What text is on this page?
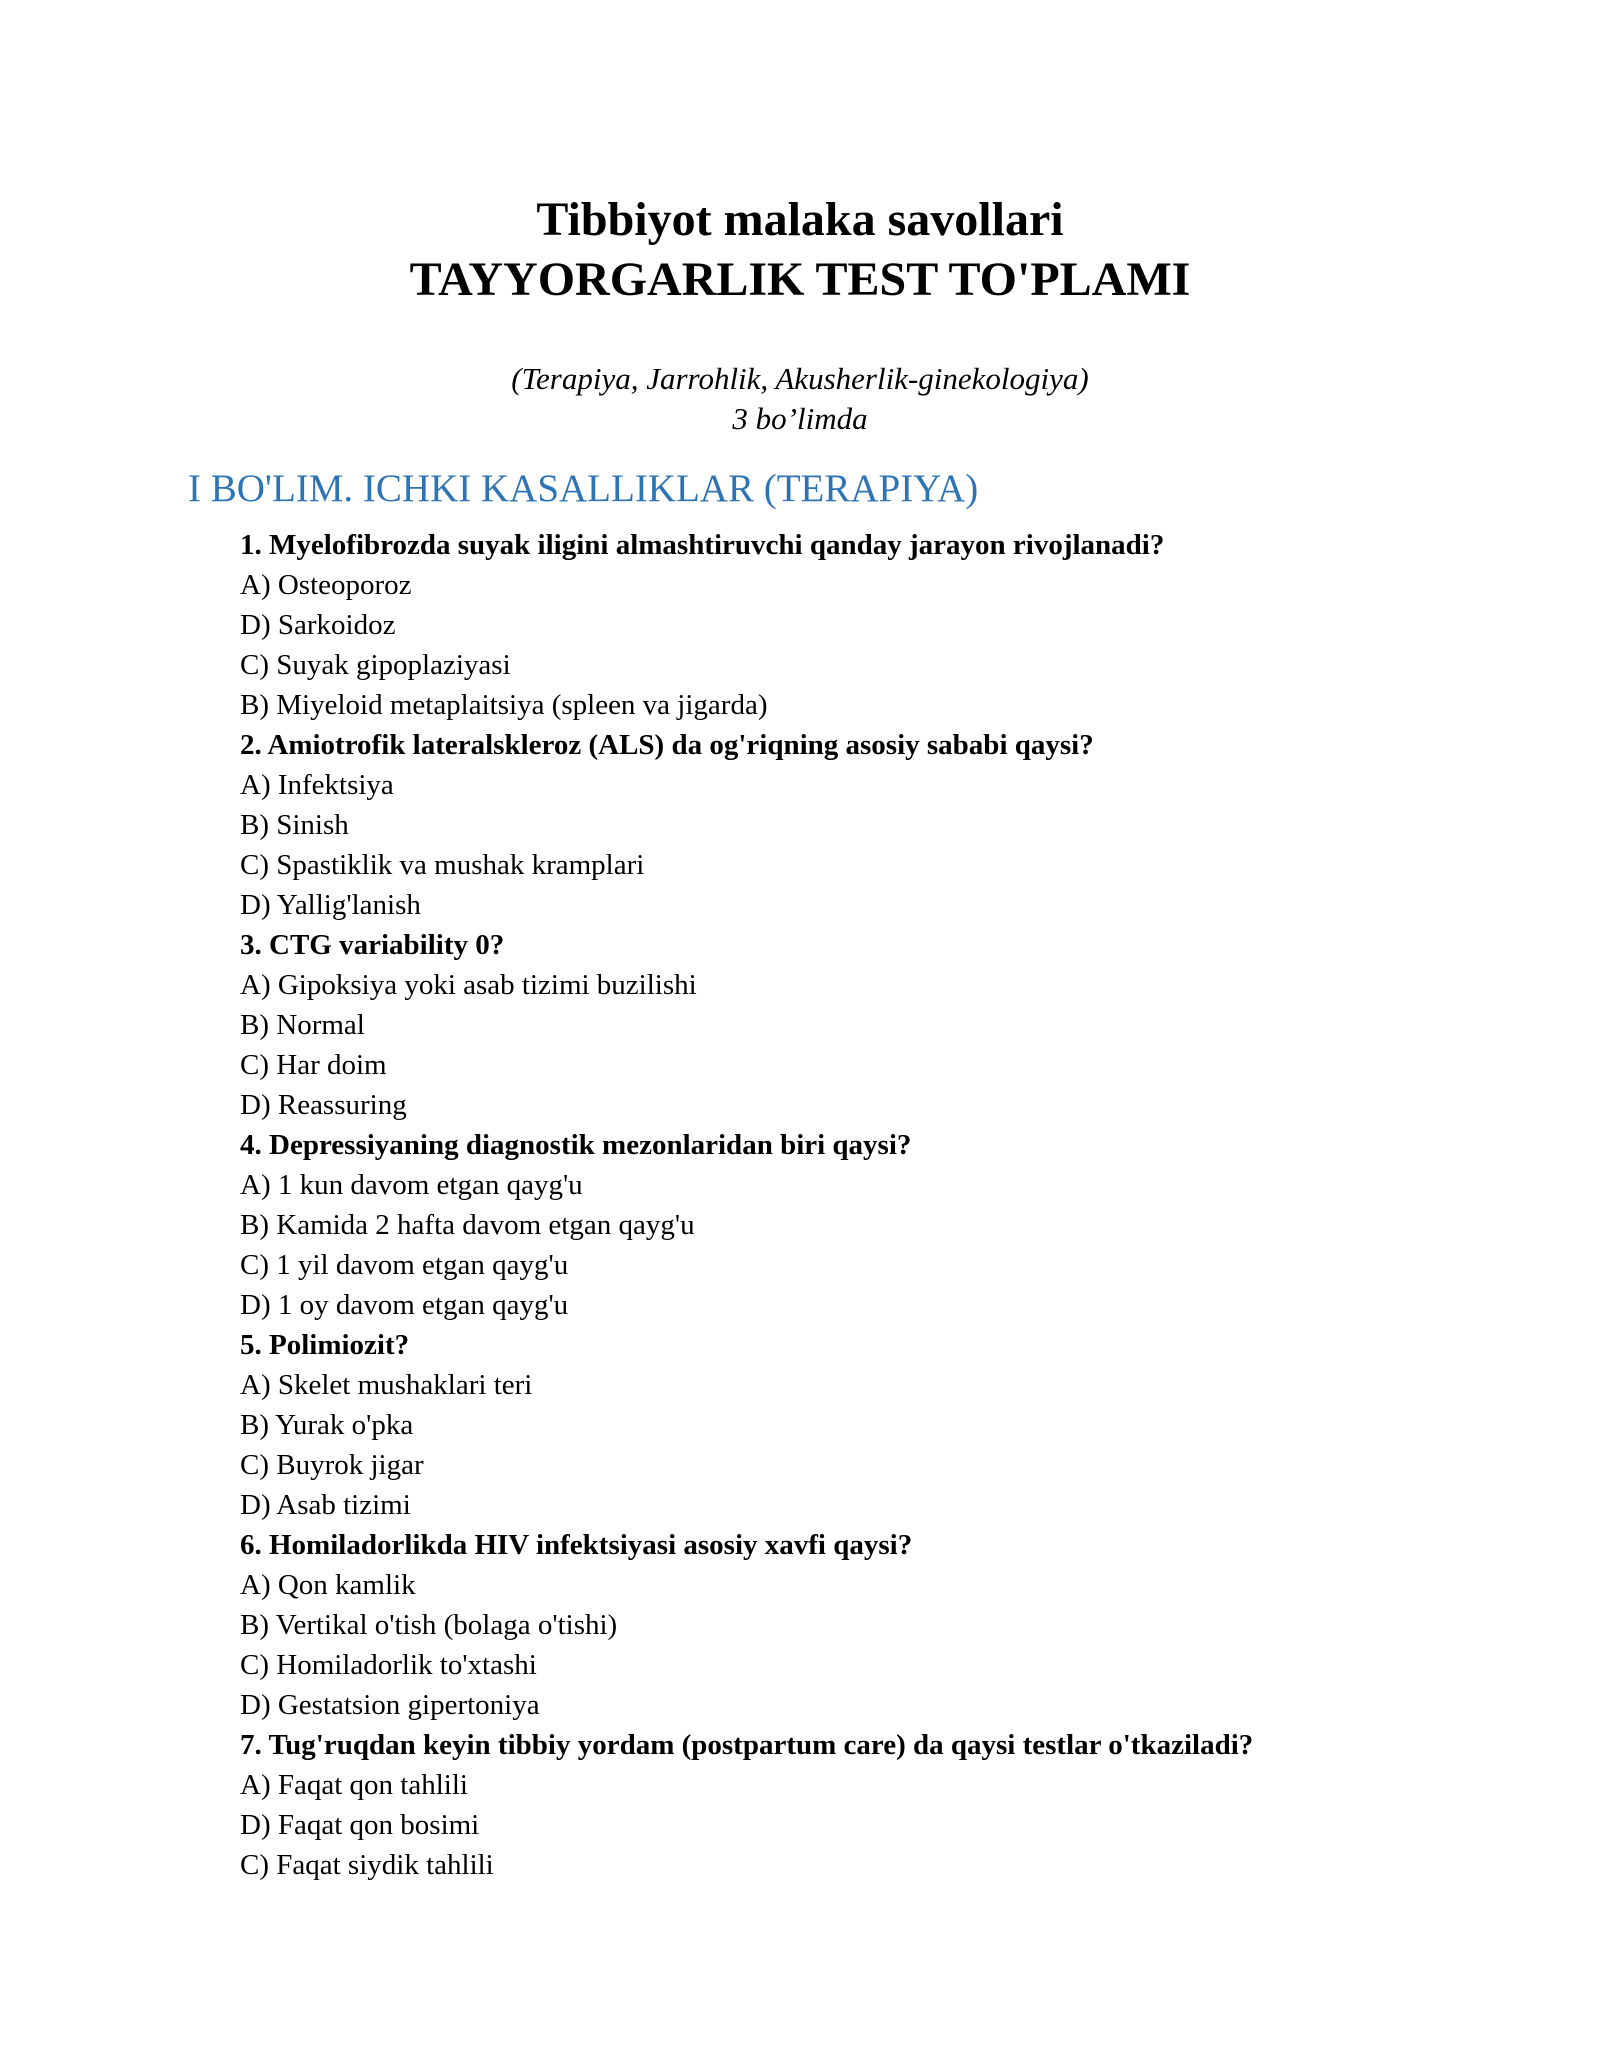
Tibbiyot malaka savollari
TAYYORGARLIK TEST TO'PLAMI
(Terapiya, Jarrohlik, Akusherlik-ginekologiya)
3 bo’limda
I BO'LIM. ICHKI KASALLIKLAR (TERAPIYA)
1. Myelofibrozda suyak iligini almashtiruvchi qanday jarayon rivojlanadi?
A) Osteoporoz
D) Sarkoidoz
C) Suyak gipoplaziyasi
B) Miyeloid metaplaitsiya (spleen va jigarda)
2. Amiotrofik lateralskleroz (ALS) da og'riqning asosiy sababi qaysi?
A) Infektsiya
B) Sinish
C) Spastiklik va mushak kramplari
D) Yallig'lanish
3. CTG variability 0?
A) Gipoksiya yoki asab tizimi buzilishi
B) Normal
C) Har doim
D) Reassuring
4. Depressiyaning diagnostik mezonlaridan biri qaysi?
A) 1 kun davom etgan qayg'u
B) Kamida 2 hafta davom etgan qayg'u
C) 1 yil davom etgan qayg'u
D) 1 oy davom etgan qayg'u
5. Polimiozit?
A) Skelet mushaklari teri
B) Yurak o'pka
C) Buyrok jigar
D) Asab tizimi
6. Homiladorlikda HIV infektsiyasi asosiy xavfi qaysi?
A) Qon kamlik
B) Vertikal o'tish (bolaga o'tishi)
C) Homiladorlik to'xtashi
D) Gestatsion gipertoniya
7. Tug'ruqdan keyin tibbiy yordam (postpartum care) da qaysi testlar o'tkaziladi?
A) Faqat qon tahlili
D) Faqat qon bosimi
C) Faqat siydik tahlili
